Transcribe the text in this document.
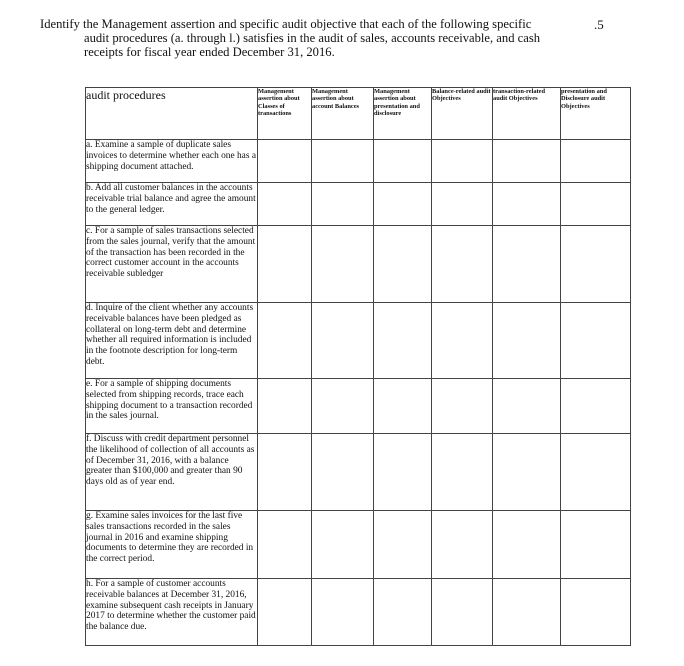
.5

Identify the Management assertion and specific audit objective that each of the following specific
audit procedures (a. through l.) satisfies in the audit of sales, accounts receivable, and cash
receipts for fiscal year ended December 31, 2016.

audit procedures	Management assertion about Classes of transactions	Management assertion about account Balances	Management assertion about presentation and disclosure	Balance-related audit Objectives	transaction-related audit Objectives	presentation and Disclosure audit Objectives
a. Examine a sample of duplicate sales invoices to determine whether each one has a shipping document attached.						
b. Add all customer balances in the accounts receivable trial balance and agree the amount to the general ledger.						
c. For a sample of sales transactions selected from the sales journal, verify that the amount of the transaction has been recorded in the correct customer account in the accounts receivable subledger						
d. Inquire of the client whether any accounts receivable balances have been pledged as collateral on long-term debt and determine whether all required information is included in the footnote description for long-term debt.						
e. For a sample of shipping documents selected from shipping records, trace each shipping document to a transaction recorded in the sales journal.						
f. Discuss with credit department personnel the likelihood of collection of all accounts as of December 31, 2016, with a balance greater than $100,000 and greater than 90 days old as of year end.						
g. Examine sales invoices for the last five sales transactions recorded in the sales journal in 2016 and examine shipping documents to determine they are recorded in the correct period.						
h. For a sample of customer accounts receivable balances at December 31, 2016, examine subsequent cash receipts in January 2017 to determine whether the customer paid the balance due.						
